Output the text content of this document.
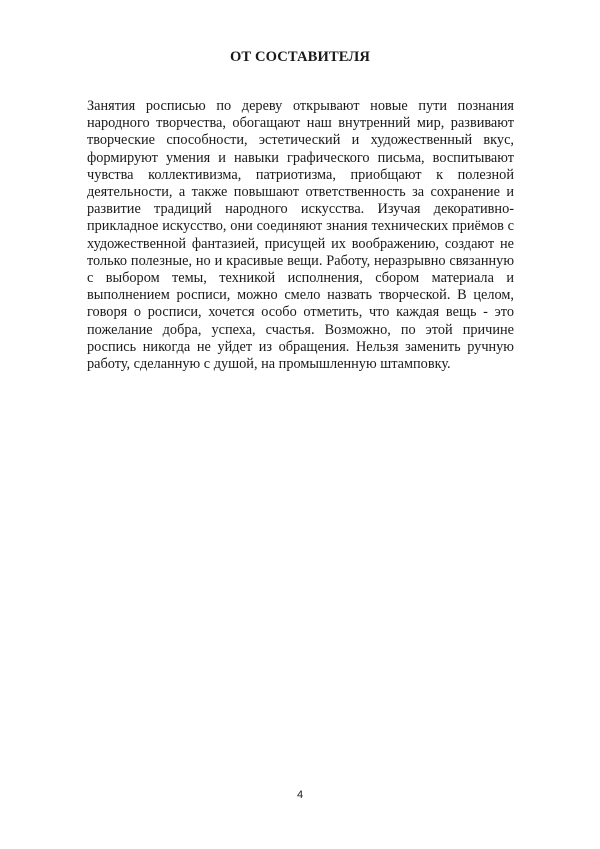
ОТ СОСТАВИТЕЛЯ

Занятия росписью по дереву открывают новые пути познания народного творчества, обогащают наш внутренний мир, развивают творческие способности, эстетический и художественный вкус, формируют умения и навыки графического письма, воспитывают чувства коллективизма, патриотизма, приобщают к полезной деятельности, а также повышают ответственность за сохранение и развитие традиций народного искусства. Изучая декоративно-прикладное искусство, они соединяют знания технических приёмов с художественной фантазией, присущей их воображению, создают не только полезные, но и красивые вещи. Работу, неразрывно связанную с выбором темы, техникой исполнения, сбором материала и выполнением росписи, можно смело назвать творческой. В целом, говоря о росписи, хочется особо отметить, что каждая вещь - это пожелание добра, успеха, счастья. Возможно, по этой причине роспись никогда не уйдет из обращения. Нельзя заменить ручную работу, сделанную с душой, на промышленную штамповку.

4
